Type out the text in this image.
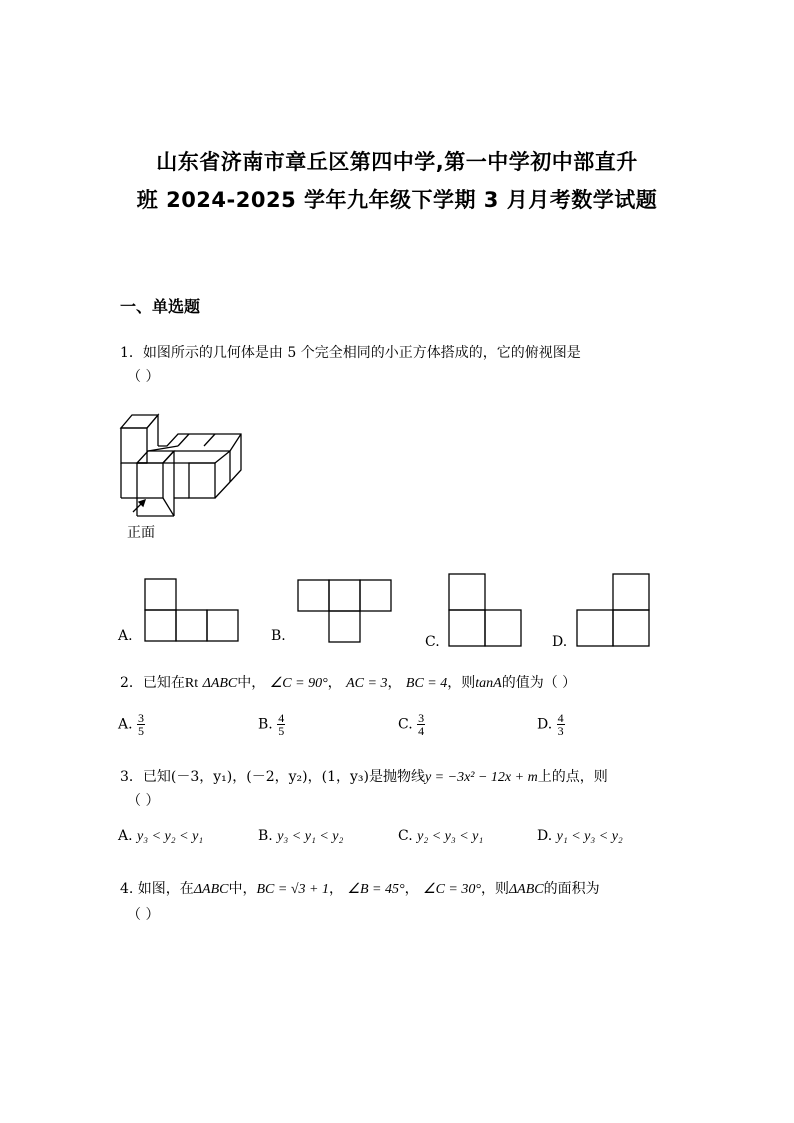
山东省济南市章丘区第四中学,第一中学初中部直升
班 2024-2025 学年九年级下学期 3 月月考数学试题
一、单选题
1．如图所示的几何体是由 5 个完全相同的小正方体搭成的，它的俯视图是
（ ）
正面
A.	B.	C.	D.
2．已知在Rt ΔABC中， ∠C = 90°， AC = 3， BC = 4，则tanA的值为（ ）
A. $\frac{3}{5}$	B. $\frac{4}{5}$	C. $\frac{3}{4}$	D. $\frac{4}{3}$
3．已知(－3，y₁)，(－2，y₂)，(1，y₃)是抛物线y = −3x² − 12x + m上的点，则
（ ）
A. y₃ < y₂ < y₁	B. y₃ < y₁ < y₂	C. y₂ < y₃ < y₁	D. y₁ < y₃ < y₂
4. 如图，在ΔABC中，BC = √3 + 1， ∠B = 45°， ∠C = 30°，则ΔABC的面积为
（ ）
